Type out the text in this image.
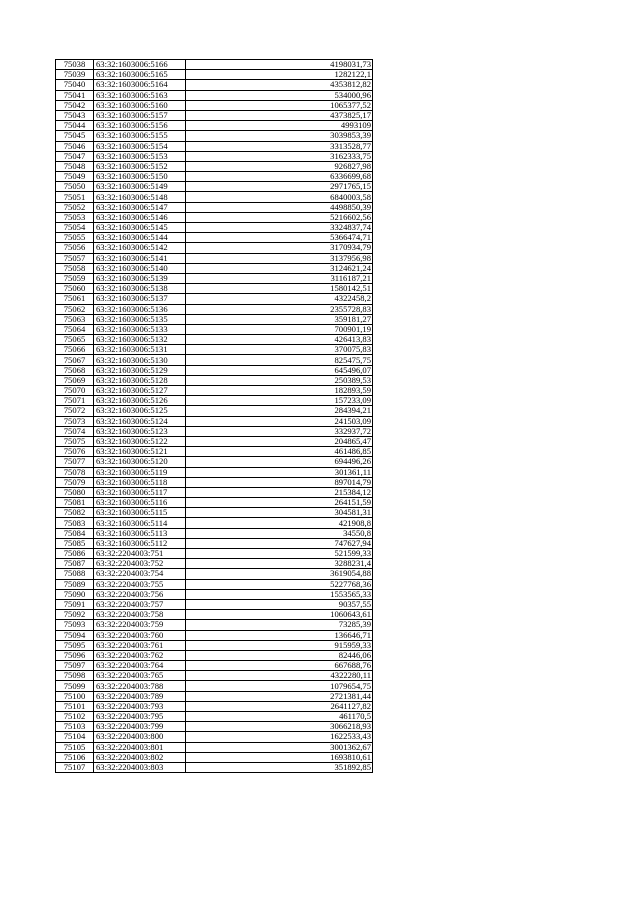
75038	63:32:1603006:5166	4198031,73
75039	63:32:1603006:5165	1282122,1
75040	63:32:1603006:5164	4353812,82
75041	63:32:1603006:5163	534000,96
75042	63:32:1603006:5160	1065377,52
75043	63:32:1603006:5157	4373825,17
75044	63:32:1603006:5156	4993109
75045	63:32:1603006:5155	3039853,39
75046	63:32:1603006:5154	3313528,77
75047	63:32:1603006:5153	3162333,75
75048	63:32:1603006:5152	926827,98
75049	63:32:1603006:5150	6336699,68
75050	63:32:1603006:5149	2971765,15
75051	63:32:1603006:5148	6840003,58
75052	63:32:1603006:5147	4498850,39
75053	63:32:1603006:5146	5216602,56
75054	63:32:1603006:5145	3324837,74
75055	63:32:1603006:5144	5366474,71
75056	63:32:1603006:5142	3170934,79
75057	63:32:1603006:5141	3137956,98
75058	63:32:1603006:5140	3124621,24
75059	63:32:1603006:5139	3116187,21
75060	63:32:1603006:5138	1580142,51
75061	63:32:1603006:5137	4322458,2
75062	63:32:1603006:5136	2355728,83
75063	63:32:1603006:5135	359181,27
75064	63:32:1603006:5133	700901,19
75065	63:32:1603006:5132	426413,83
75066	63:32:1603006:5131	370075,83
75067	63:32:1603006:5130	825475,75
75068	63:32:1603006:5129	645496,07
75069	63:32:1603006:5128	250389,53
75070	63:32:1603006:5127	182893,59
75071	63:32:1603006:5126	157233,09
75072	63:32:1603006:5125	284394,21
75073	63:32:1603006:5124	241503,09
75074	63:32:1603006:5123	332937,72
75075	63:32:1603006:5122	204865,47
75076	63:32:1603006:5121	461486,85
75077	63:32:1603006:5120	694496,26
75078	63:32:1603006:5119	301361,11
75079	63:32:1603006:5118	897014,79
75080	63:32:1603006:5117	215384,12
75081	63:32:1603006:5116	264151,59
75082	63:32:1603006:5115	304581,31
75083	63:32:1603006:5114	421908,8
75084	63:32:1603006:5113	34550,8
75085	63:32:1603006:5112	747627,94
75086	63:32:2204003:751	521599,33
75087	63:32:2204003:752	3288231,4
75088	63:32:2204003:754	3619054,88
75089	63:32:2204003:755	5227768,36
75090	63:32:2204003:756	1553565,33
75091	63:32:2204003:757	90357,55
75092	63:32:2204003:758	1060643,61
75093	63:32:2204003:759	73285,39
75094	63:32:2204003:760	136646,71
75095	63:32:2204003:761	915959,33
75096	63:32:2204003:762	82446,06
75097	63:32:2204003:764	667688,76
75098	63:32:2204003:765	4322280,11
75099	63:32:2204003:788	1079654,75
75100	63:32:2204003:789	2721381,44
75101	63:32:2204003:793	2641127,82
75102	63:32:2204003:795	461170,5
75103	63:32:2204003:799	3066218,93
75104	63:32:2204003:800	1622533,43
75105	63:32:2204003:801	3001362,67
75106	63:32:2204003:802	1693810,61
75107	63:32:2204003:803	351892,85
